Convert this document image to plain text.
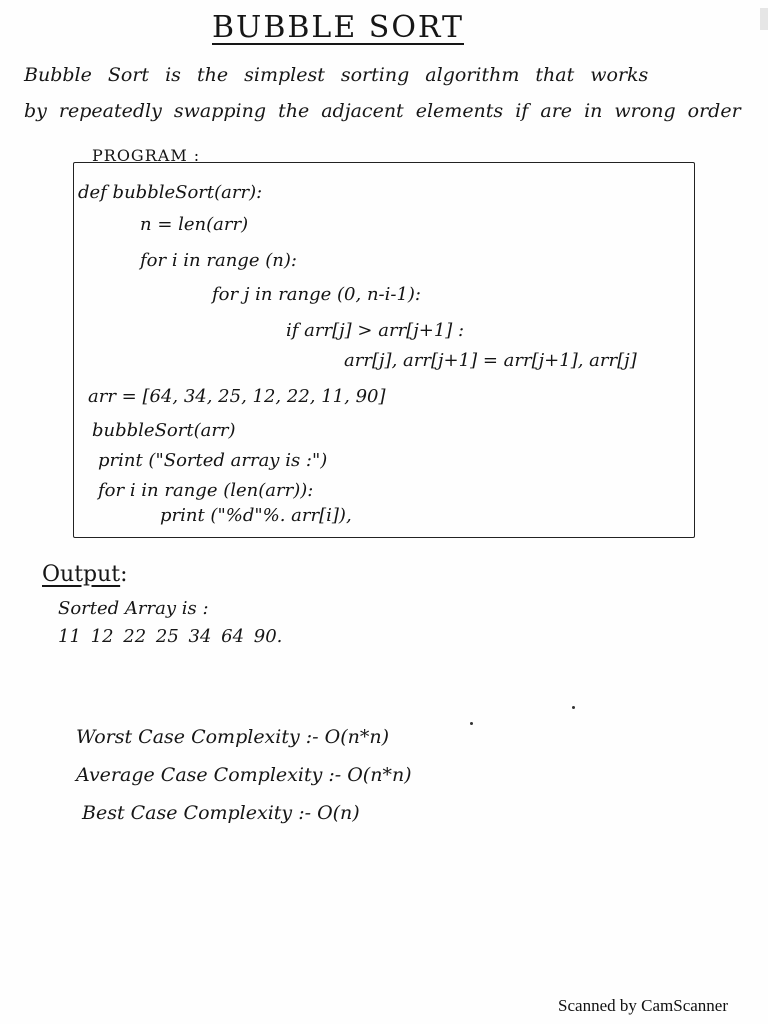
BUBBLE SORT
Bubble Sort is the simplest sorting algorithm that works
by repeatedly swapping the adjacent elements if are in wrong order
PROGRAM :
def bubbleSort(arr):
n = len(arr)
for i in range (n):
for j in range (0, n-i-1):
if arr[j] > arr[j+1] :
arr[j], arr[j+1] = arr[j+1], arr[j]
arr = [64, 34, 25, 12, 22, 11, 90]
bubbleSort(arr)
print ("Sorted array is :")
for i in range (len(arr)):
print ("%d"%. arr[i]),
Output:
Sorted Array is :
11 12 22 25 34 64 90.
Worst Case Complexity :- O(n*n)
Average Case Complexity :- O(n*n)
Best Case Complexity :- O(n)
Scanned by CamScanner
